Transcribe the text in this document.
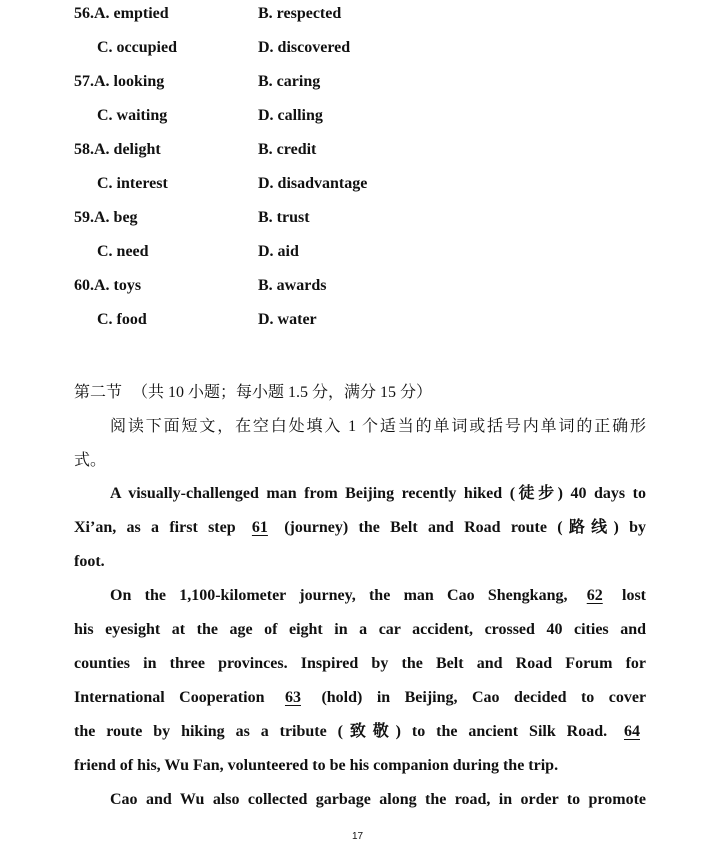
56.A. emptied	B. respected
C. occupied	D. discovered
57.A. looking	B. caring
C. waiting	D. calling
58.A. delight	B. credit
C. interest	D. disadvantage
59.A. beg	B. trust
C. need	D. aid
60.A. toys	B. awards
C. food	D. water
第二节 （共 10 小题；每小题 1.5 分，满分 15 分）
阅读下面短文，在空白处填入 1 个适当的单词或括号内单词的正确形
式。
A visually-challenged man from Beijing recently hiked (徒步) 40 days to
Xi’an, as a first step 61 (journey) the Belt and Road route (路线) by
foot.
On the 1,100-kilometer journey, the man Cao Shengkang, 62 lost
his eyesight at the age of eight in a car accident, crossed 40 cities and
counties in three provinces. Inspired by the Belt and Road Forum for
International Cooperation 63 (hold) in Beijing, Cao decided to cover
the route by hiking as a tribute (致敬) to the ancient Silk Road. 64
friend of his, Wu Fan, volunteered to be his companion during the trip.
Cao and Wu also collected garbage along the road, in order to promote
17
